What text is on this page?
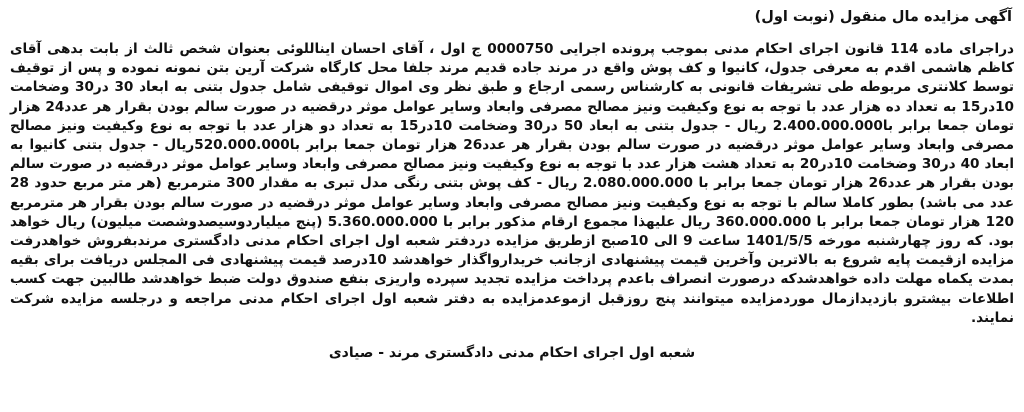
آگهی مزایده مال منقول (نوبت اول)

دراجرای ماده 114 قانون اجرای احکام مدنی بموجب پرونده اجرایی 0000750 ج اول ، آقای احسان ایناللوئی بعنوان شخص ثالث از بابت بدهی آقای کاظم هاشمی اقدم به معرفی جدول، کانیوا و کف پوش واقع در مرند جاده قدیم مرند جلفا محل کارگاه شرکت آرین بتن نمونه نموده و پس از توقیف توسط کلانتری مربوطه طی تشریفات قانونی به کارشناس رسمی ارجاع و طبق نظر وی اموال توقیفی شامل جدول بتنی به ابعاد 30 در30 وضخامت 10در15 به تعداد ده هزار عدد با توجه به نوع وکیفیت ونیز مصالح مصرفی وابعاد وسایر عوامل موثر درقضیه در صورت سالم بودن بقرار هر عدد24 هزار تومان جمعا برابر با2.400.000.000 ریال - جدول بتنی به ابعاد 50 در30 وضخامت 10در15 به تعداد دو هزار عدد با توجه به نوع وکیفیت ونیز مصالح مصرفی وابعاد وسایر عوامل موثر درقضیه در صورت سالم بودن بقرار هر عدد26 هزار تومان جمعا برابر با520.000.000ریال - جدول بتنی کانیوا به ابعاد 40 در30 وضخامت 10در20 به تعداد هشت هزار عدد با توجه به نوع وکیفیت ونیز مصالح مصرفی وابعاد وسایر عوامل موثر درقضیه در صورت سالم بودن بقرار هر عدد26 هزار تومان جمعا برابر با 2.080.000.000 ریال - کف پوش بتنی رنگی مدل تبری به مقدار 300 مترمربع (هر متر مربع حدود 28 عدد می باشد) بطور کاملا سالم با توجه به نوع وکیفیت ونیز مصالح مصرفی وابعاد وسایر عوامل موثر درقضیه در صورت سالم بودن بقرار هر مترمربع 120 هزار تومان جمعا برابر با 360.000.000 ریال علیهذا مجموع ارقام مذکور برابر با 5.360.000.000 (پنج میلیاردوسیصدوشصت میلیون) ریال خواهد بود. که روز چهارشنبه مورخه 1401/5/5 ساعت 9 الی 10صبح ازطریق مزایده دردفتر شعبه اول اجرای احکام مدنی دادگستری مرندبفروش خواهدرفت مزایده ازقیمت پایه شروع به بالاترین وآخرین قیمت پیشنهادی ازجانب خریدارواگذار خواهدشد 10درصد قیمت پیشنهادی فی المجلس دریافت برای بقیه بمدت یکماه مهلت داده خواهدشدکه درصورت انصراف باعدم پرداخت مزایده تجدید سپرده واریزی بنفع صندوق دولت ضبط خواهدشد طالبین جهت کسب اطلاعات بیشترو بازدیدازمال موردمزایده میتوانند پنج روزقبل ازموعدمزایده به دفتر شعبه اول اجرای احکام مدنی مراجعه و درجلسه مزایده شرکت نمایند.

شعبه اول اجرای احکام مدنی دادگستری مرند - صیادی
